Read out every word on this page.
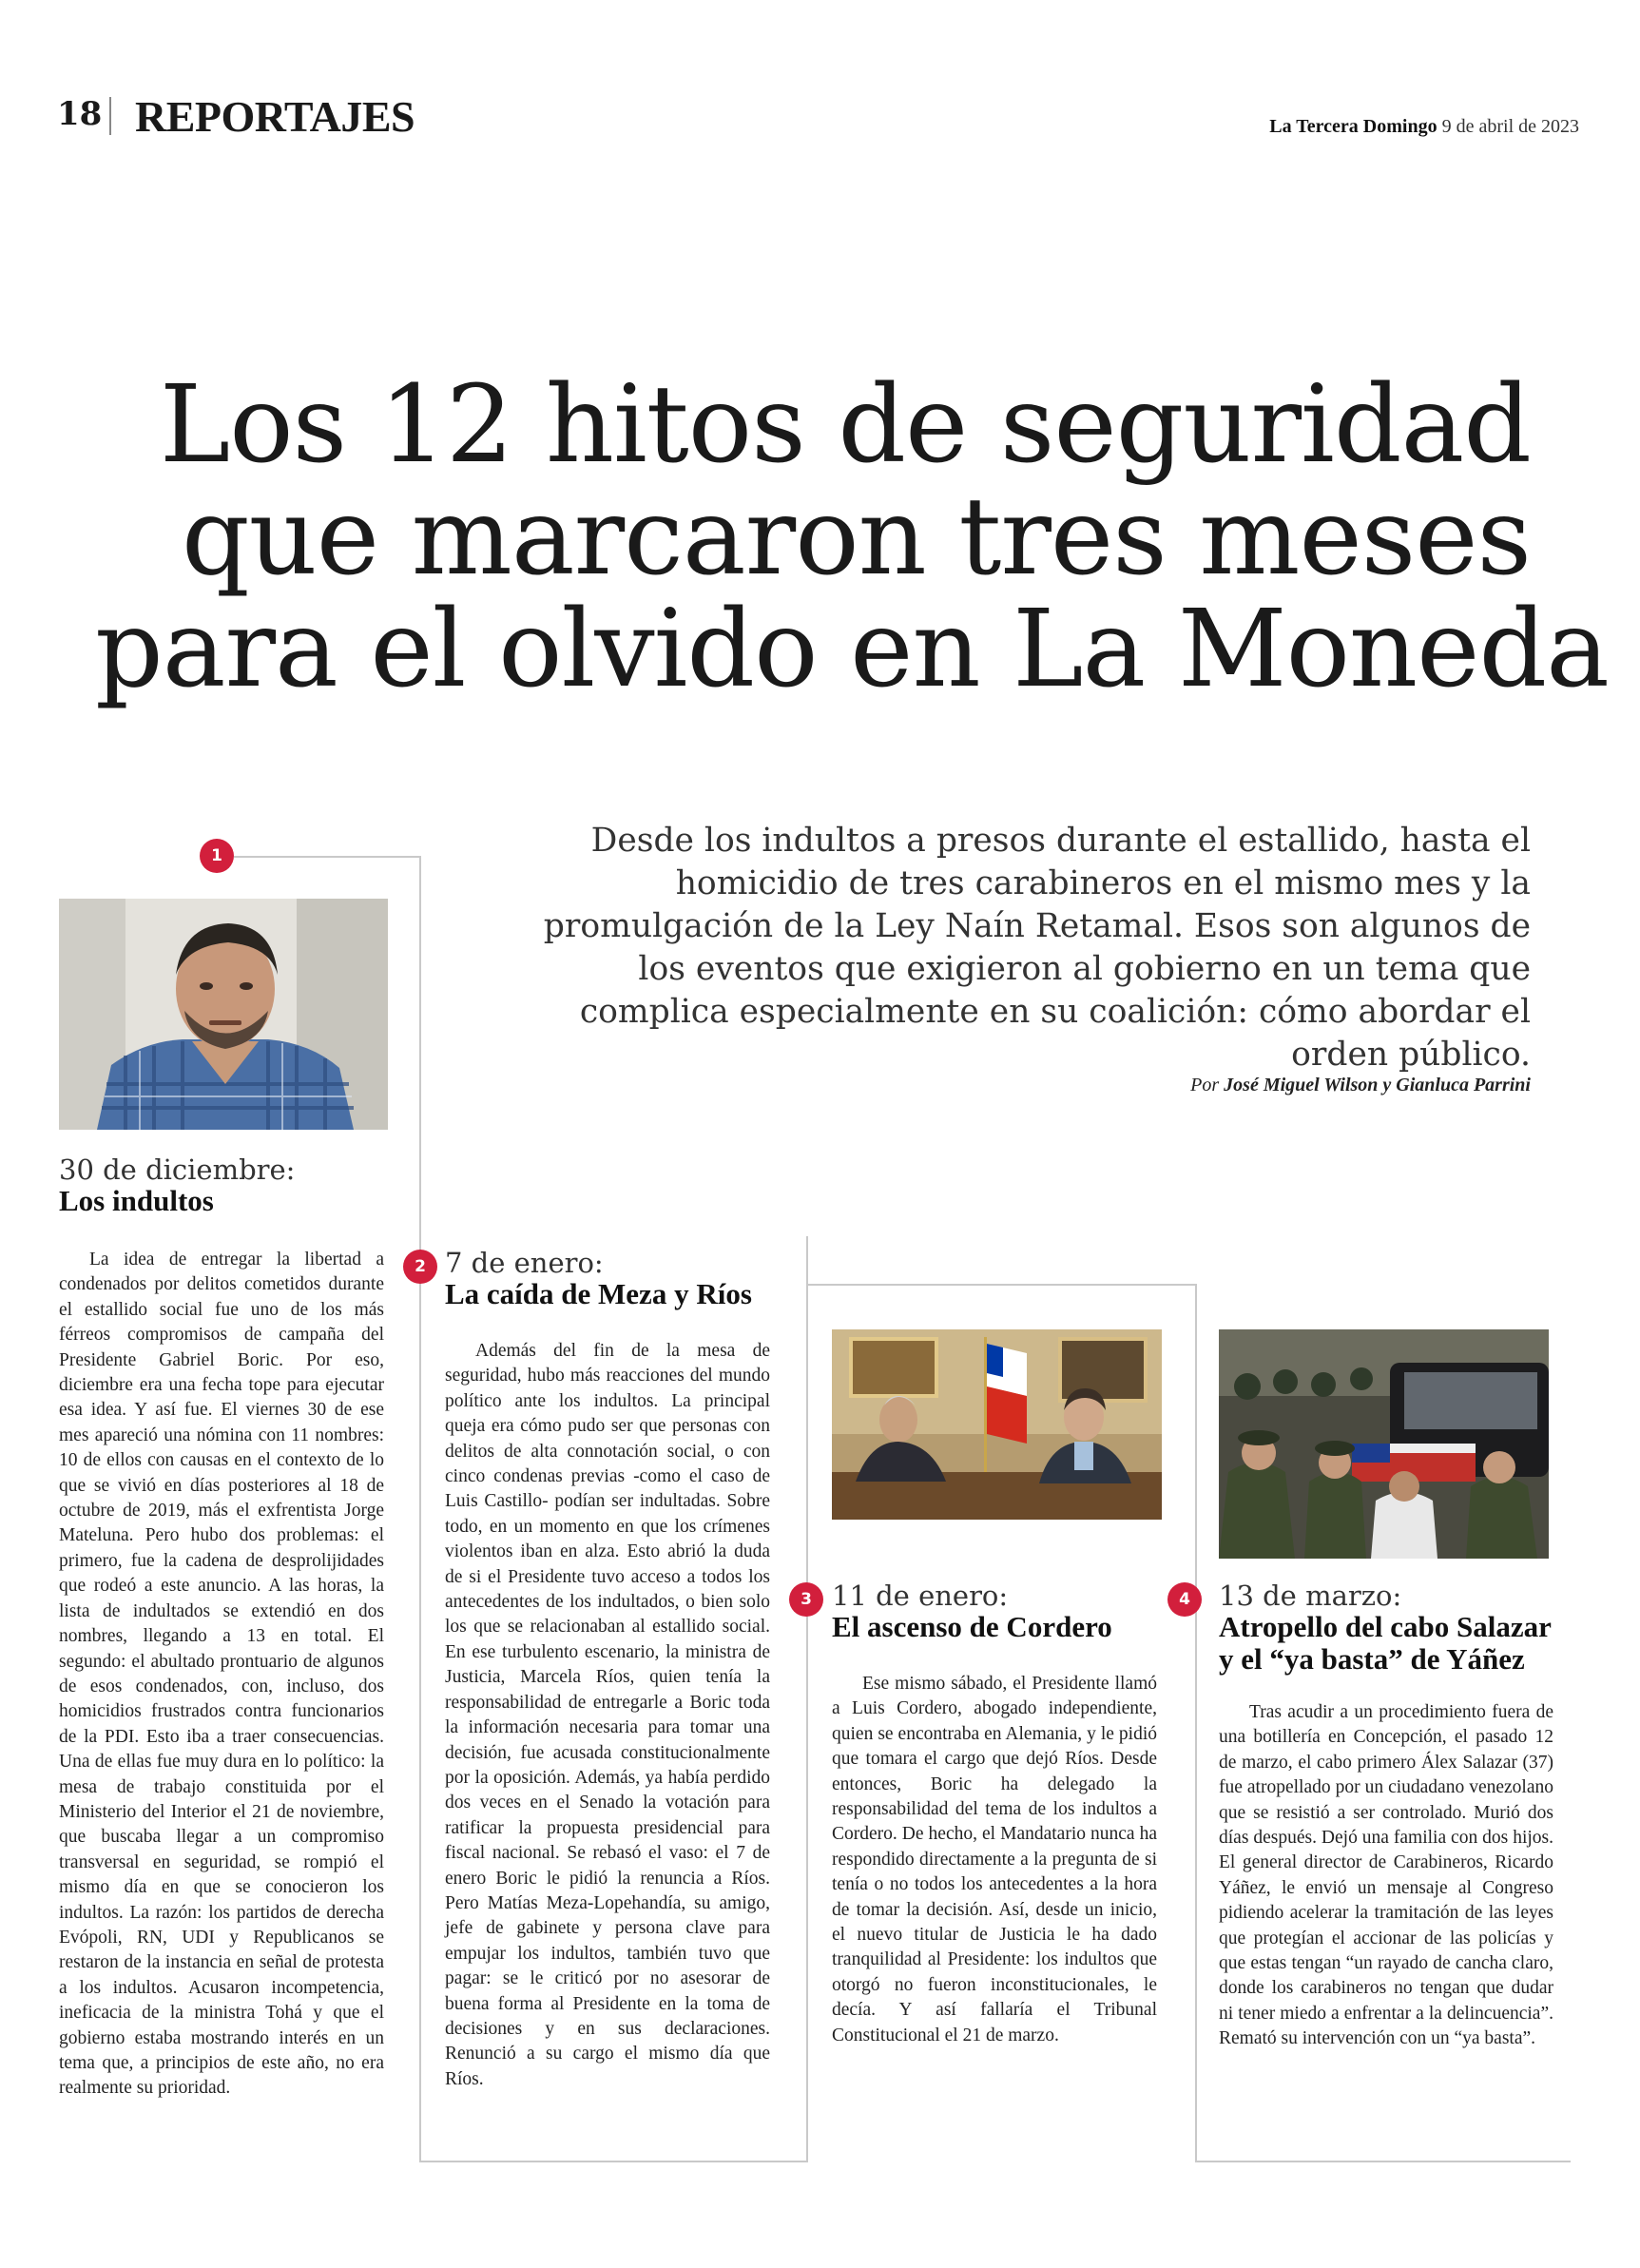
18 REPORTAJES	La Tercera Domingo 9 de abril de 2023
Los 12 hitos de seguridad
que marcaron tres meses
para el olvido en La Moneda
Desde los indultos a presos durante el estallido, hasta el homicidio de tres carabineros en el mismo mes y la promulgación de la Ley Naín Retamal. Esos son algunos de los eventos que exigieron al gobierno en un tema que complica especialmente en su coalición: cómo abordar el orden público.
Por José Miguel Wilson y Gianluca Parrini
1
30 de diciembre:
Los indultos
La idea de entregar la libertad a condenados por delitos cometidos durante el estallido social fue uno de los más férreos compromisos de campaña del Presidente Gabriel Boric. Por eso, diciembre era una fecha tope para ejecutar esa idea. Y así fue. El viernes 30 de ese mes apareció una nómina con 11 nombres: 10 de ellos con causas en el contexto de lo que se vivió en días posteriores al 18 de octubre de 2019, más el exfrentista Jorge Mateluna. Pero hubo dos problemas: el primero, fue la cadena de desprolijidades que rodeó a este anuncio. A las horas, la lista de indultados se extendió en dos nombres, llegando a 13 en total. El segundo: el abultado prontuario de algunos de esos condenados, con, incluso, dos homicidios frustrados contra funcionarios de la PDI. Esto iba a traer consecuencias. Una de ellas fue muy dura en lo político: la mesa de trabajo constituida por el Ministerio del Interior el 21 de noviembre, que buscaba llegar a un compromiso transversal en seguridad, se rompió el mismo día en que se conocieron los indultos. La razón: los partidos de derecha Evópoli, RN, UDI y Republicanos se restaron de la instancia en señal de protesta a los indultos. Acusaron incompetencia, ineficacia de la ministra Tohá y que el gobierno estaba mostrando interés en un tema que, a principios de este año, no era realmente su prioridad.
2 7 de enero:
La caída de Meza y Ríos
Además del fin de la mesa de seguridad, hubo más reacciones del mundo político ante los indultos. La principal queja era cómo pudo ser que personas con delitos de alta connotación social, o con cinco condenas previas -como el caso de Luis Castillo- podían ser indultadas. Sobre todo, en un momento en que los crímenes violentos iban en alza. Esto abrió la duda de si el Presidente tuvo acceso a todos los antecedentes de los indultados, o bien solo los que se relacionaban al estallido social. En ese turbulento escenario, la ministra de Justicia, Marcela Ríos, quien tenía la responsabilidad de entregarle a Boric toda la información necesaria para tomar una decisión, fue acusada constitucionalmente por la oposición. Además, ya había perdido dos veces en el Senado la votación para ratificar la propuesta presidencial para fiscal nacional. Se rebasó el vaso: el 7 de enero Boric le pidió la renuncia a Ríos. Pero Matías Meza-Lopehandía, su amigo, jefe de gabinete y persona clave para empujar los indultos, también tuvo que pagar: se le criticó por no asesorar de buena forma al Presidente en la toma de decisiones y en sus declaraciones. Renunció a su cargo el mismo día que Ríos.
3 11 de enero:
El ascenso de Cordero
Ese mismo sábado, el Presidente llamó a Luis Cordero, abogado independiente, quien se encontraba en Alemania, y le pidió que tomara el cargo que dejó Ríos. Desde entonces, Boric ha delegado la responsabilidad del tema de los indultos a Cordero. De hecho, el Mandatario nunca ha respondido directamente a la pregunta de si tenía o no todos los antecedentes a la hora de tomar la decisión. Así, desde un inicio, el nuevo titular de Justicia le ha dado tranquilidad al Presidente: los indultos que otorgó no fueron inconstitucionales, le decía. Y así fallaría el Tribunal Constitucional el 21 de marzo.
4	13 de marzo:
Atropello del cabo Salazar
y el “ya basta” de Yáñez
Tras acudir a un procedimiento fuera de una botillería en Concepción, el pasado 12 de marzo, el cabo primero Álex Salazar (37) fue atropellado por un ciudadano venezolano que se resistió a ser controlado. Murió dos días después. Dejó una familia con dos hijos. El general director de Carabineros, Ricardo Yáñez, le envió un mensaje al Congreso pidiendo acelerar la tramitación de las leyes que protegían el accionar de las policías y que estas tengan “un rayado de cancha claro, donde los carabineros no tengan que dudar ni tener miedo a enfrentar a la delincuencia”. Remató su intervención con un “ya basta”.
